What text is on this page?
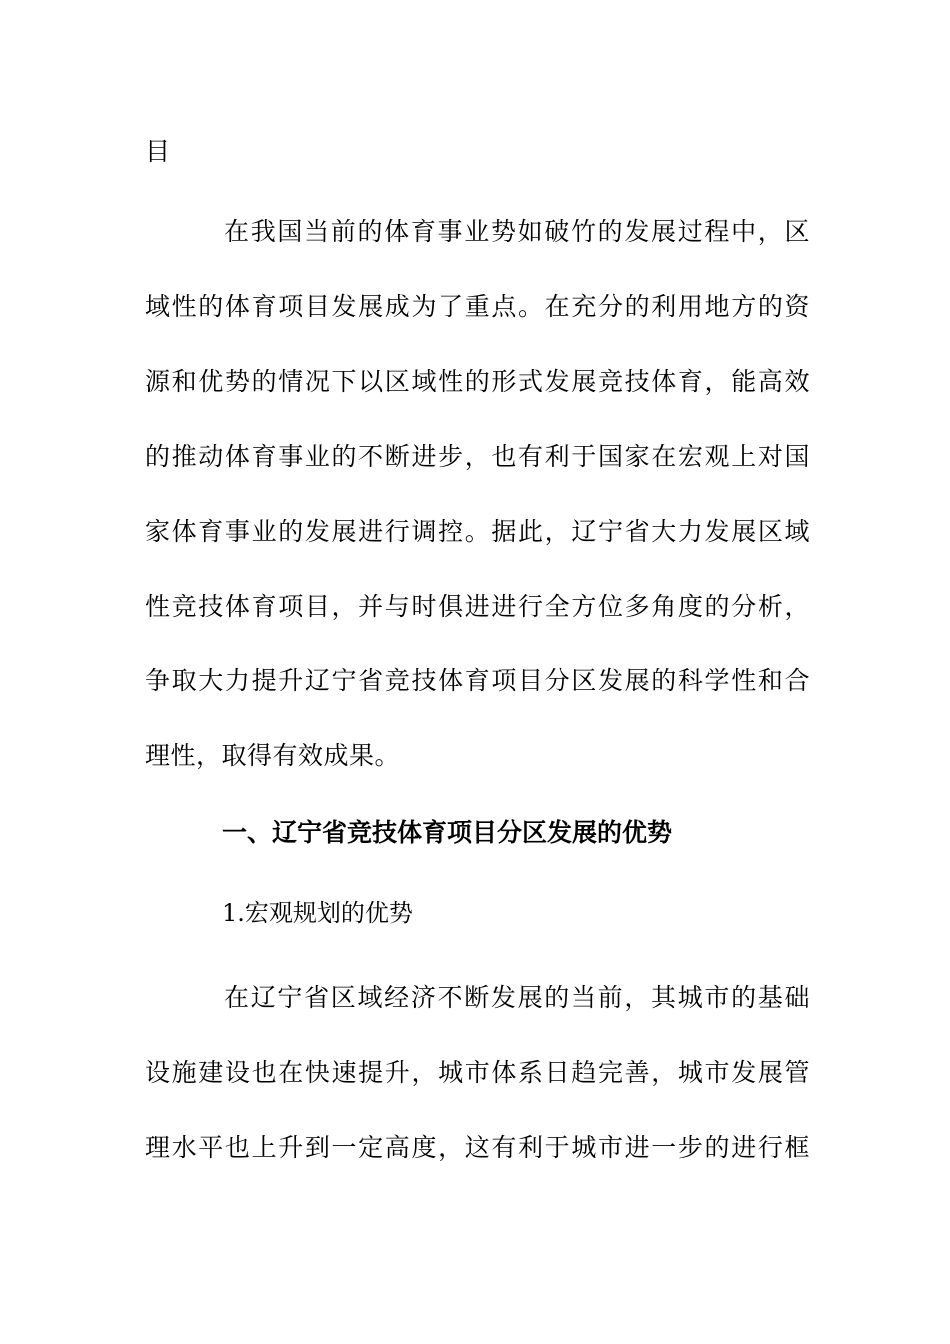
目
在我国当前的体育事业势如破竹的发展过程中，区
域性的体育项目发展成为了重点。在充分的利用地方的资
源和优势的情况下以区域性的形式发展竞技体育，能高效
的推动体育事业的不断进步，也有利于国家在宏观上对国
家体育事业的发展进行调控。据此，辽宁省大力发展区域
性竞技体育项目，并与时俱进进行全方位多角度的分析，
争取大力提升辽宁省竞技体育项目分区发展的科学性和合
理性，取得有效成果。
一、辽宁省竞技体育项目分区发展的优势
1.宏观规划的优势
在辽宁省区域经济不断发展的当前，其城市的基础
设施建设也在快速提升，城市体系日趋完善，城市发展管
理水平也上升到一定高度，这有利于城市进一步的进行框
